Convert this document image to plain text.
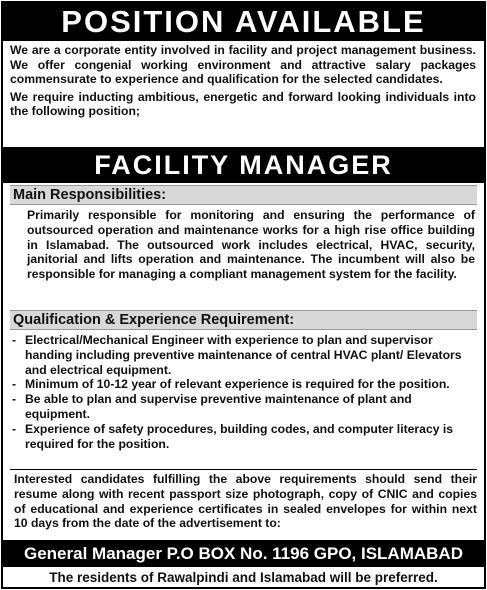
POSITION AVAILABLE

We are a corporate entity involved in facility and project management business. We offer congenial working environment and attractive salary packages commensurate to experience and qualification for the selected candidates.

We require inducting ambitious, energetic and forward looking individuals into the following position;

FACILITY MANAGER
Main Responsibilities:
Primarily responsible for monitoring and ensuring the performance of outsourced operation and maintenance works for a high rise office building in Islamabad. The outsourced work includes electrical, HVAC, security, janitorial and lifts operation and maintenance. The incumbent will also be responsible for managing a compliant management system for the facility.
Qualification & Experience Requirement:
- Electrical/Mechanical Engineer with experience to plan and supervisor handing including preventive maintenance of central HVAC plant/ Elevators and electrical equipment.
- Minimum of 10-12 year of relevant experience is required for the position.
- Be able to plan and supervise preventive maintenance of plant and equipment.
- Experience of safety procedures, building codes, and computer literacy is required for the position.
Interested candidates fulfilling the above requirements should send their resume along with recent passport size photograph, copy of CNIC and copies of educational and experience certificates in sealed envelopes for within next 10 days from the date of the advertisement to:
General Manager P.O BOX No. 1196 GPO, ISLAMABAD
The residents of Rawalpindi and Islamabad will be preferred.
